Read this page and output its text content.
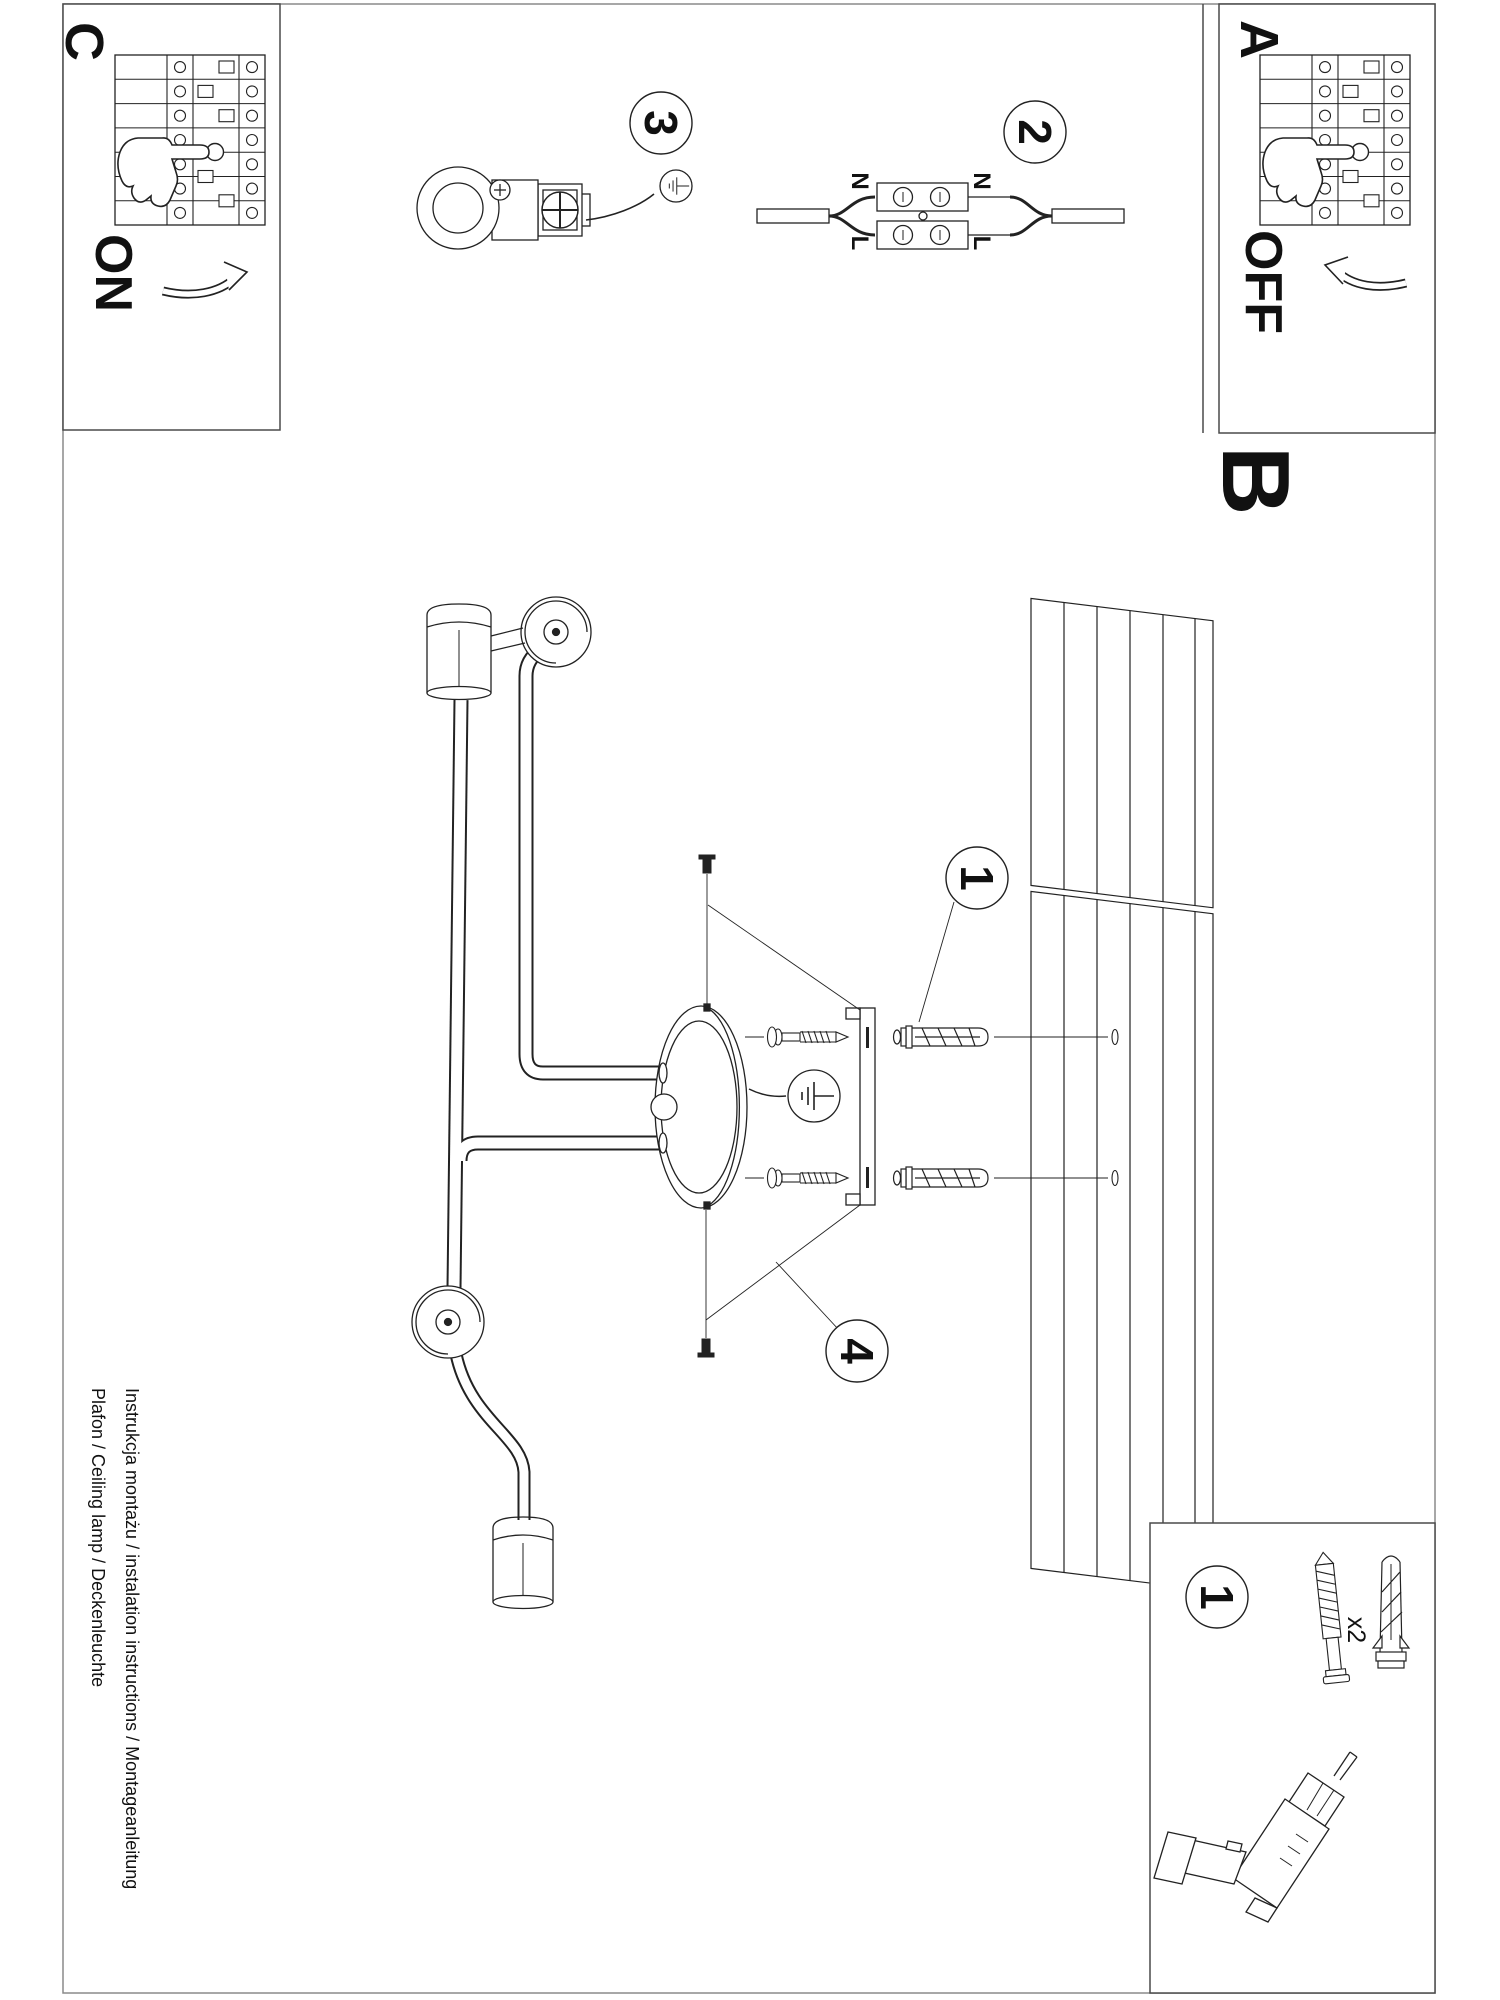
A
OFF
B
C
ON
3	2
N
L
N
L
1
4
1
x2
Instrukcja montażu / instalation instructions / Montageanleitung
Plafon / Ceiling lamp / Deckenleuchte
